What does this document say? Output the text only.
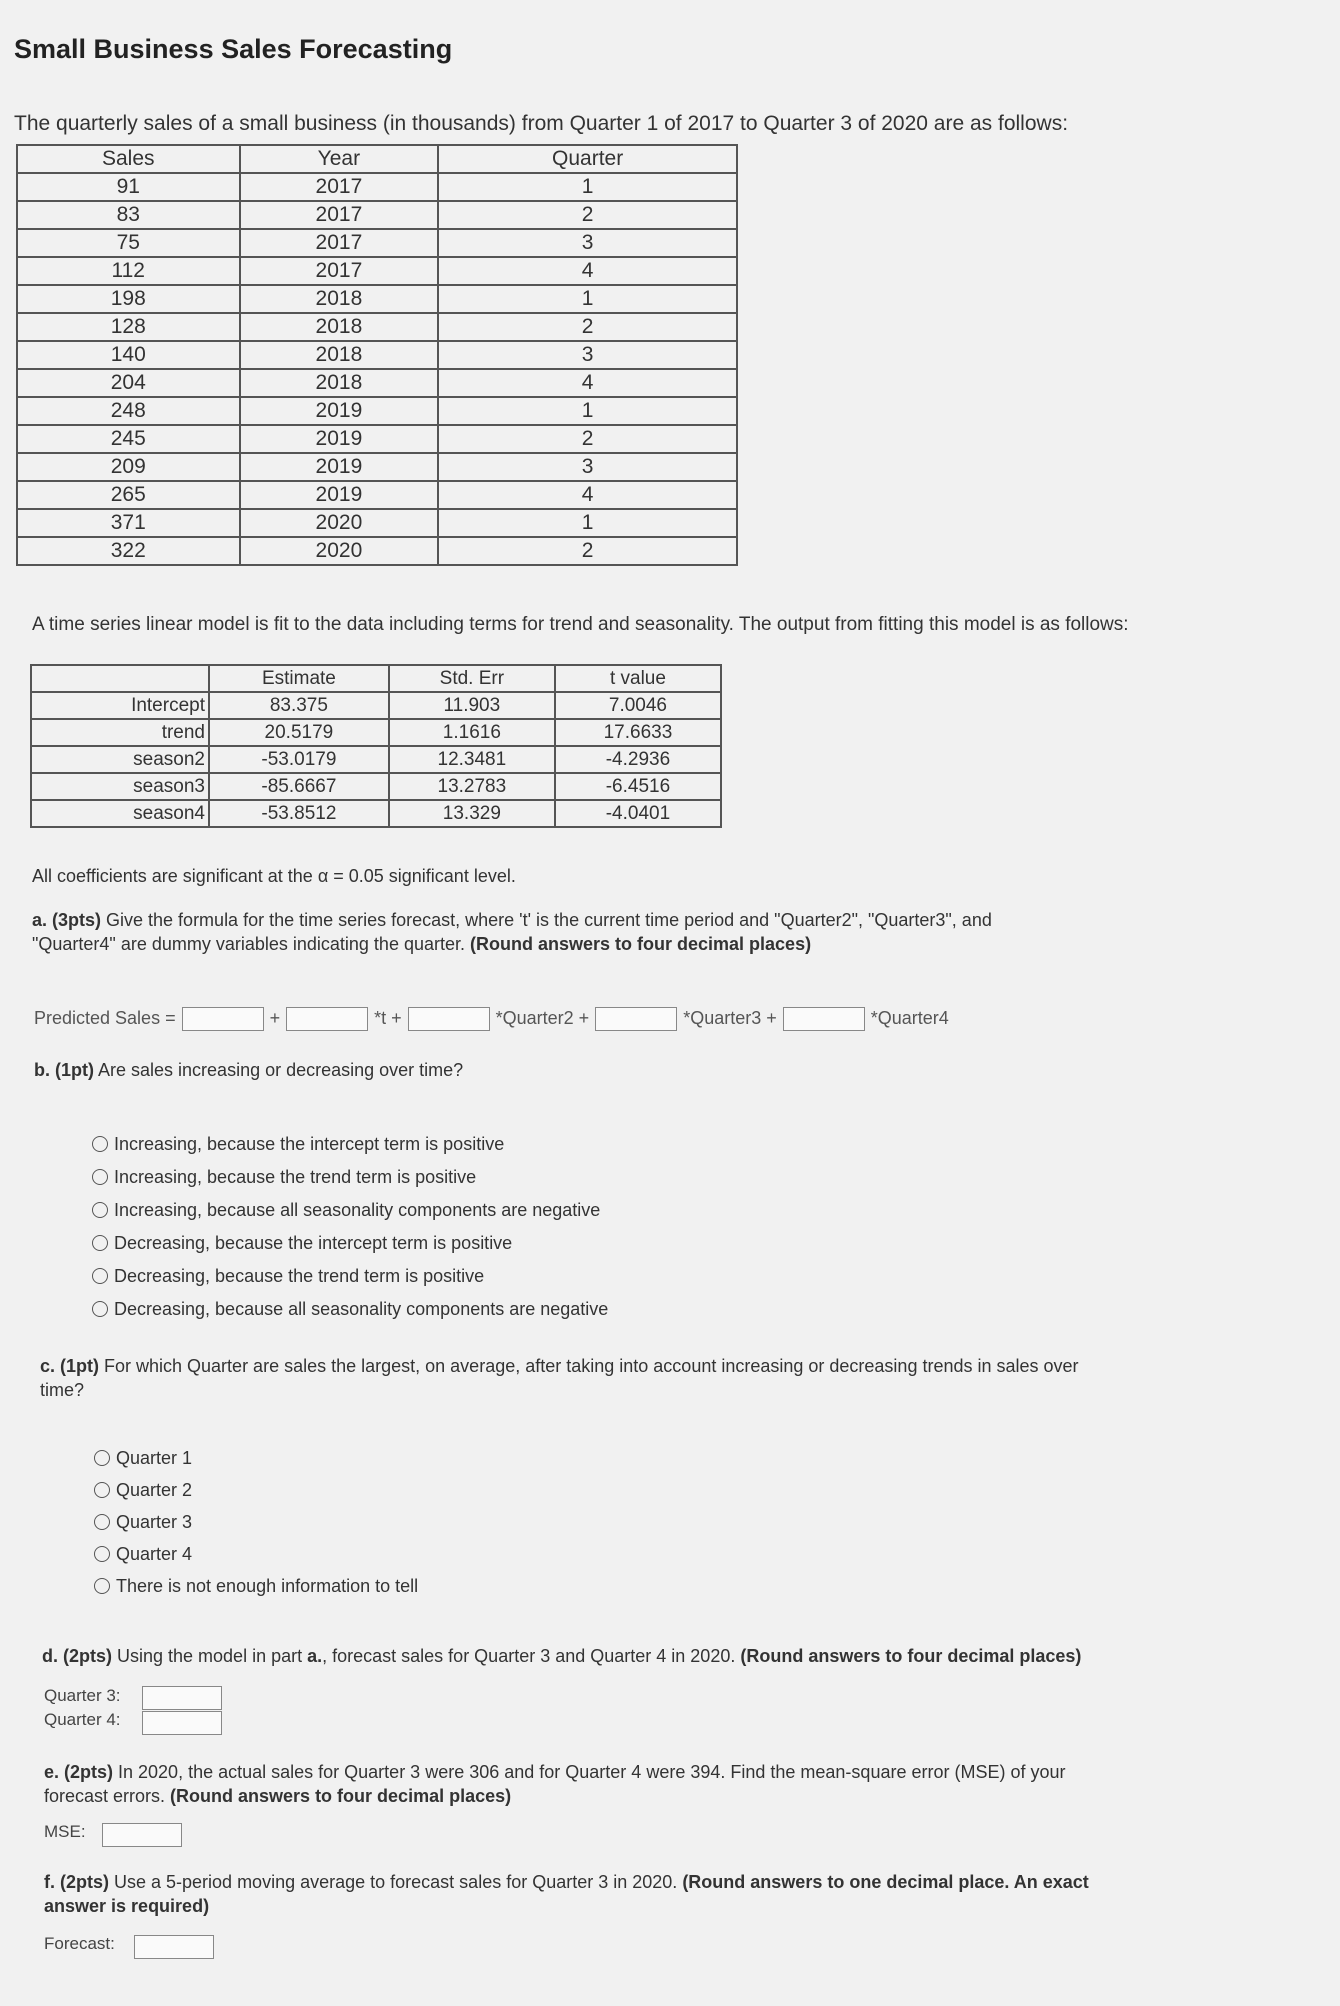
Small Business Sales Forecasting
The quarterly sales of a small business (in thousands) from Quarter 1 of 2017 to Quarter 3 of 2020 are as follows:
Sales	Year	Quarter
91	2017	1
83	2017	2
75	2017	3
112	2017	4
198	2018	1
128	2018	2
140	2018	3
204	2018	4
248	2019	1
245	2019	2
209	2019	3
265	2019	4
371	2020	1
322	2020	2
A time series linear model is fit to the data including terms for trend and seasonality. The output from fitting this model is as follows:
	Estimate	Std. Err	t value
Intercept	83.375	11.903	7.0046
trend	20.5179	1.1616	17.6633
season2	-53.0179	12.3481	-4.2936
season3	-85.6667	13.2783	-6.4516
season4	-53.8512	13.329	-4.0401
All coefficients are significant at the α = 0.05 significant level.
a. (3pts) Give the formula for the time series forecast, where 't' is the current time period and "Quarter2", "Quarter3", and
"Quarter4" are dummy variables indicating the quarter. (Round answers to four decimal places)
Predicted Sales =	+	*t +	*Quarter2 +	*Quarter3 +	*Quarter4
b. (1pt) Are sales increasing or decreasing over time?
Increasing, because the intercept term is positive
Increasing, because the trend term is positive
Increasing, because all seasonality components are negative
Decreasing, because the intercept term is positive
Decreasing, because the trend term is positive
Decreasing, because all seasonality components are negative
c. (1pt) For which Quarter are sales the largest, on average, after taking into account increasing or decreasing trends in sales over
time?
Quarter 1
Quarter 2
Quarter 3
Quarter 4
There is not enough information to tell
d. (2pts) Using the model in part a., forecast sales for Quarter 3 and Quarter 4 in 2020. (Round answers to four decimal places)
Quarter 3:
Quarter 4:
e. (2pts) In 2020, the actual sales for Quarter 3 were 306 and for Quarter 4 were 394. Find the mean-square error (MSE) of your
forecast errors. (Round answers to four decimal places)
MSE:
f. (2pts) Use a 5-period moving average to forecast sales for Quarter 3 in 2020. (Round answers to one decimal place. An exact
answer is required)
Forecast:
